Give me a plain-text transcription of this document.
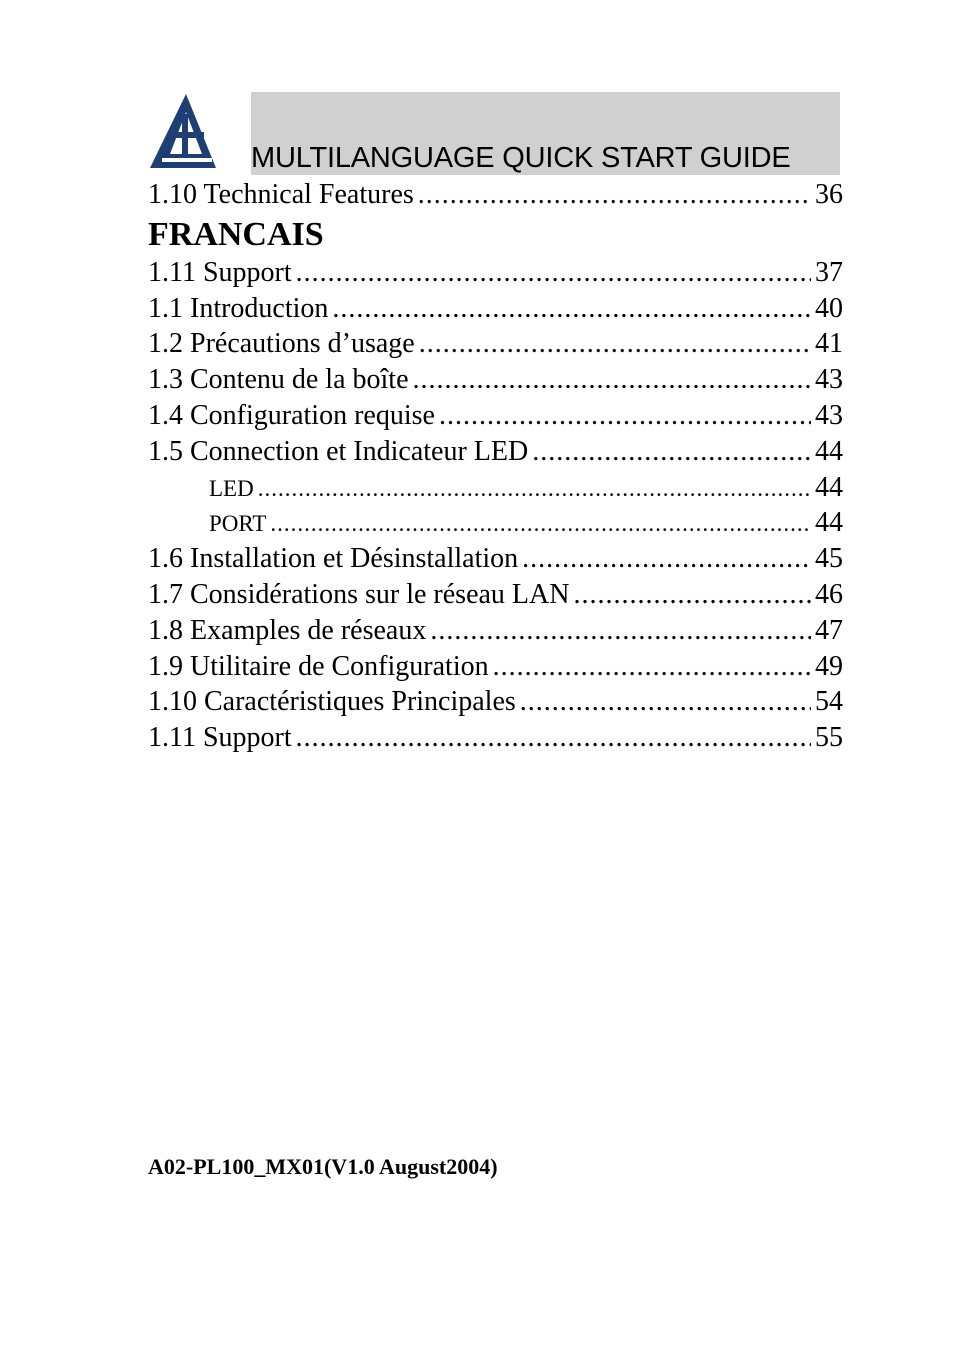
MULTILANGUAGE QUICK START GUIDE
1.10 Technical Features .....	36
FRANCAIS
1.11 Support .....	37
1.1 Introduction .....	40
1.2 Précautions d’usage .....	41
1.3 Contenu de la boîte .....	43
1.4 Configuration requise .....	43
1.5 Connection et Indicateur LED .....	44
LED .....	44
PORT .....	44
1.6 Installation et Désinstallation .....	45
1.7 Considérations sur le réseau LAN .....	46
1.8 Examples de réseaux .....	47
1.9 Utilitaire de Configuration .....	49
1.10 Caractéristiques Principales .....	54
1.11 Support .....	55
A02-PL100_MX01(V1.0 August2004)
